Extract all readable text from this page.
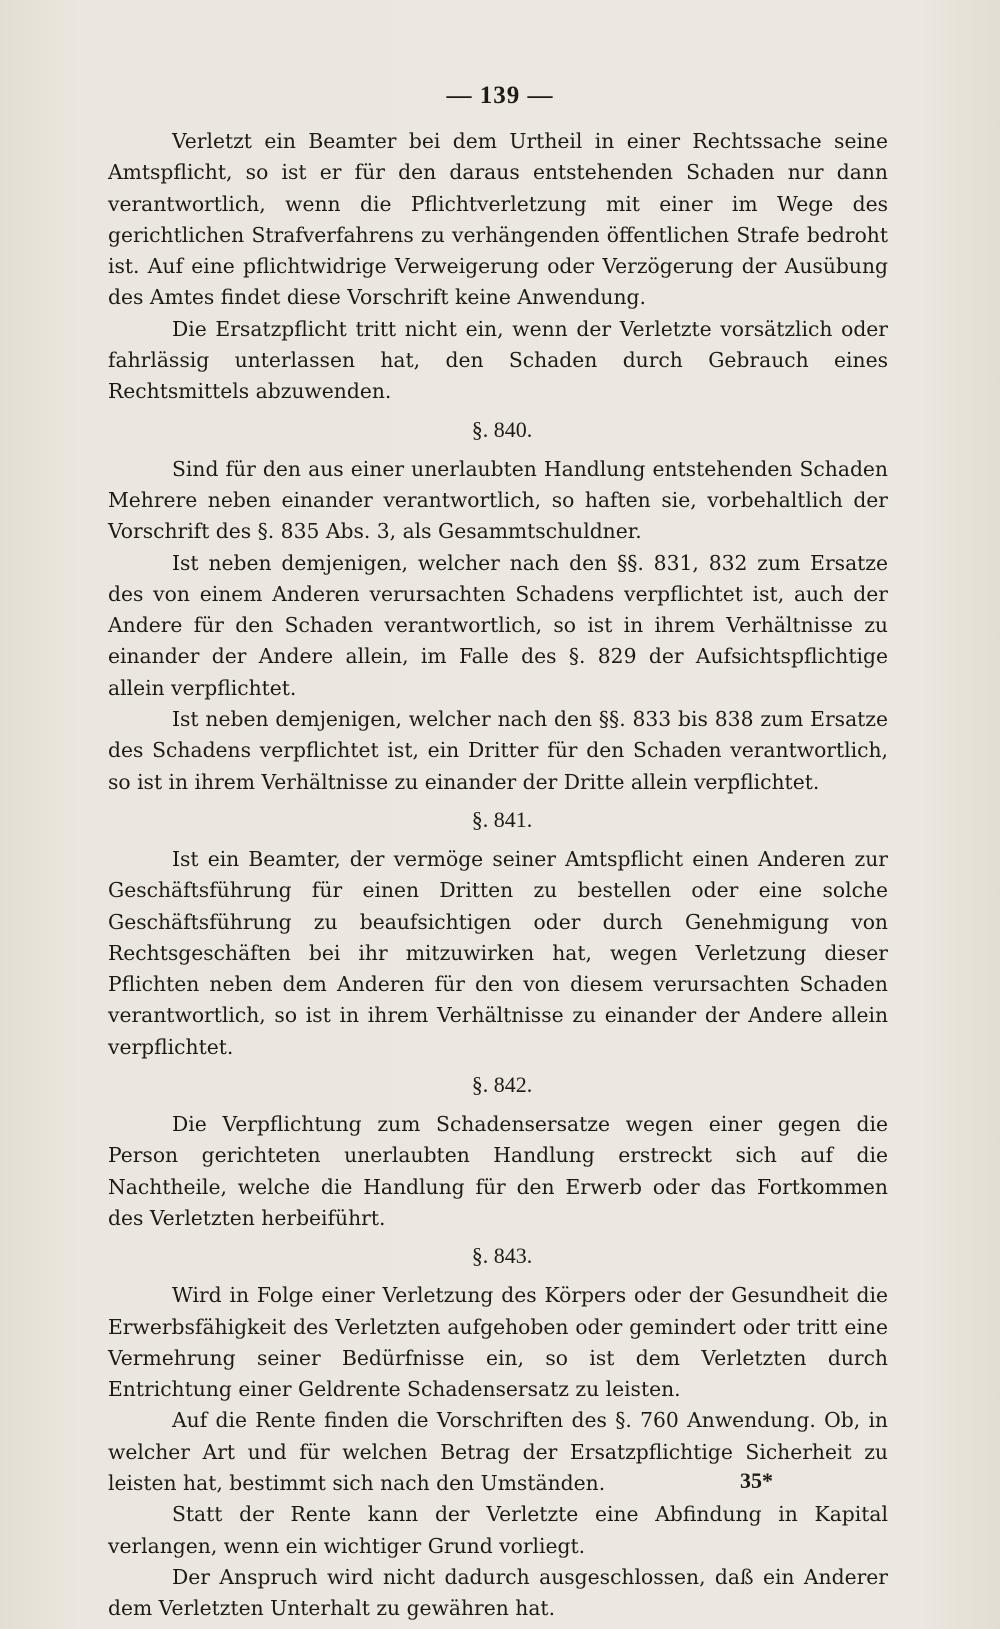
— 139 —

Verletzt ein Beamter bei dem Urtheil in einer Rechtssache seine Amtspflicht, so ist er für den daraus entstehenden Schaden nur dann verantwortlich, wenn die Pflichtverletzung mit einer im Wege des gerichtlichen Strafverfahrens zu verhängenden öffentlichen Strafe bedroht ist. Auf eine pflichtwidrige Verweigerung oder Verzögerung der Ausübung des Amtes findet diese Vorschrift keine Anwendung.

Die Ersatzpflicht tritt nicht ein, wenn der Verletzte vorsätzlich oder fahrlässig unterlassen hat, den Schaden durch Gebrauch eines Rechtsmittels abzuwenden.

§. 840.

Sind für den aus einer unerlaubten Handlung entstehenden Schaden Mehrere neben einander verantwortlich, so haften sie, vorbehaltlich der Vorschrift des §. 835 Abs. 3, als Gesammtschuldner.

Ist neben demjenigen, welcher nach den §§. 831, 832 zum Ersatze des von einem Anderen verursachten Schadens verpflichtet ist, auch der Andere für den Schaden verantwortlich, so ist in ihrem Verhältnisse zu einander der Andere allein, im Falle des §. 829 der Aufsichtspflichtige allein verpflichtet.

Ist neben demjenigen, welcher nach den §§. 833 bis 838 zum Ersatze des Schadens verpflichtet ist, ein Dritter für den Schaden verantwortlich, so ist in ihrem Verhältnisse zu einander der Dritte allein verpflichtet.

§. 841.

Ist ein Beamter, der vermöge seiner Amtspflicht einen Anderen zur Geschäftsführung für einen Dritten zu bestellen oder eine solche Geschäftsführung zu beaufsichtigen oder durch Genehmigung von Rechtsgeschäften bei ihr mitzuwirken hat, wegen Verletzung dieser Pflichten neben dem Anderen für den von diesem verursachten Schaden verantwortlich, so ist in ihrem Verhältnisse zu einander der Andere allein verpflichtet.

§. 842.

Die Verpflichtung zum Schadensersatze wegen einer gegen die Person gerichteten unerlaubten Handlung erstreckt sich auf die Nachtheile, welche die Handlung für den Erwerb oder das Fortkommen des Verletzten herbeiführt.

§. 843.

Wird in Folge einer Verletzung des Körpers oder der Gesundheit die Erwerbsfähigkeit des Verletzten aufgehoben oder gemindert oder tritt eine Vermehrung seiner Bedürfnisse ein, so ist dem Verletzten durch Entrichtung einer Geldrente Schadensersatz zu leisten.

Auf die Rente finden die Vorschriften des §. 760 Anwendung. Ob, in welcher Art und für welchen Betrag der Ersatzpflichtige Sicherheit zu leisten hat, bestimmt sich nach den Umständen.

Statt der Rente kann der Verletzte eine Abfindung in Kapital verlangen, wenn ein wichtiger Grund vorliegt.

Der Anspruch wird nicht dadurch ausgeschlossen, daß ein Anderer dem Verletzten Unterhalt zu gewähren hat.

35*
